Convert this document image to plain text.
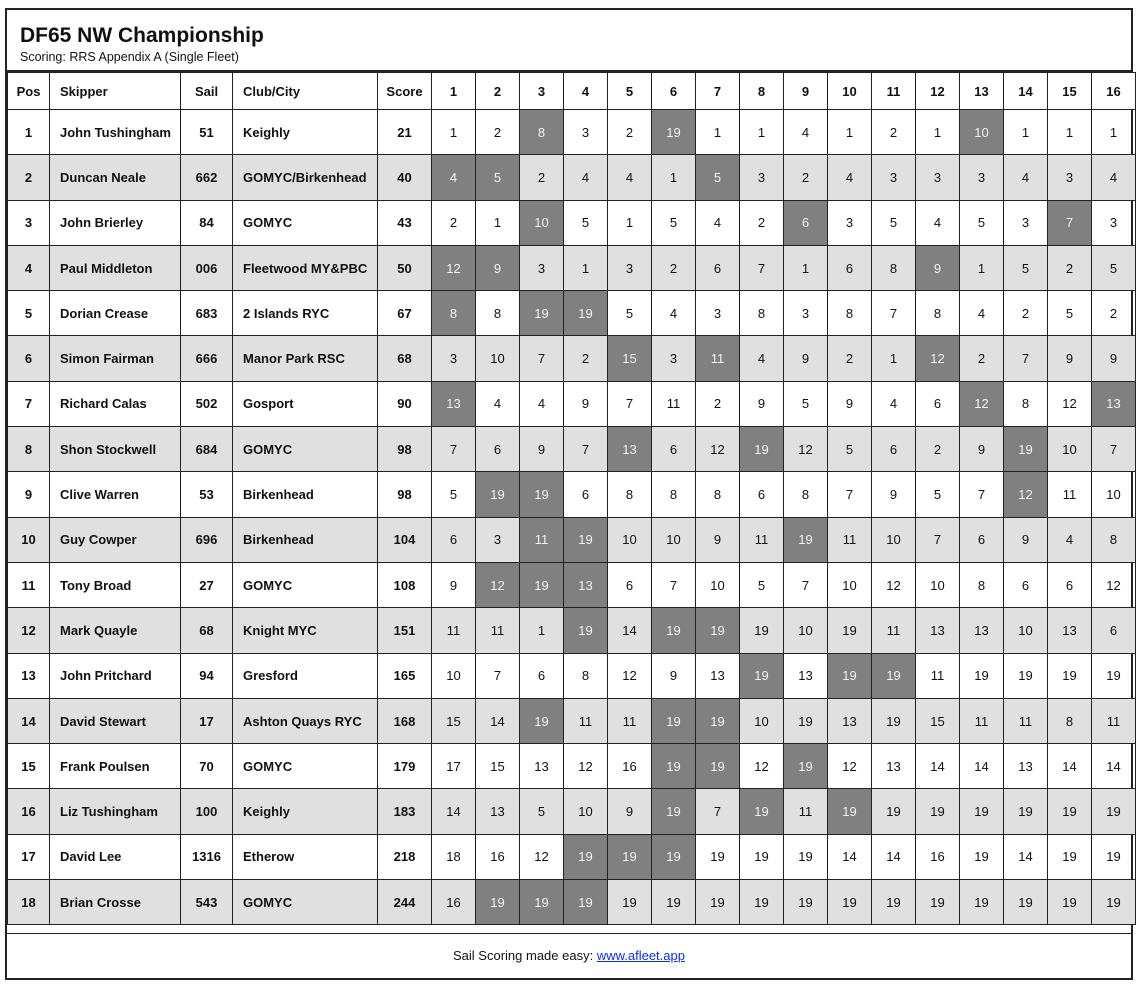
DF65 NW Championship
Scoring: RRS Appendix A (Single Fleet)
Pos	Skipper	Sail	Club/City	Score	1	2	3	4	5	6	7	8	9	10	11	12	13	14	15	16
1	John Tushingham	51	Keighly	21	1	2	8	3	2	19	1	1	4	1	2	1	10	1	1	1
2	Duncan Neale	662	GOMYC/Birkenhead	40	4	5	2	4	4	1	5	3	2	4	3	3	3	4	3	4
3	John Brierley	84	GOMYC	43	2	1	10	5	1	5	4	2	6	3	5	4	5	3	7	3
4	Paul Middleton	006	Fleetwood MY&PBC	50	12	9	3	1	3	2	6	7	1	6	8	9	1	5	2	5
5	Dorian Crease	683	2 Islands RYC	67	8	8	19	19	5	4	3	8	3	8	7	8	4	2	5	2
6	Simon Fairman	666	Manor Park RSC	68	3	10	7	2	15	3	11	4	9	2	1	12	2	7	9	9
7	Richard Calas	502	Gosport	90	13	4	4	9	7	11	2	9	5	9	4	6	12	8	12	13
8	Shon Stockwell	684	GOMYC	98	7	6	9	7	13	6	12	19	12	5	6	2	9	19	10	7
9	Clive Warren	53	Birkenhead	98	5	19	19	6	8	8	8	6	8	7	9	5	7	12	11	10
10	Guy Cowper	696	Birkenhead	104	6	3	11	19	10	10	9	11	19	11	10	7	6	9	4	8
11	Tony Broad	27	GOMYC	108	9	12	19	13	6	7	10	5	7	10	12	10	8	6	6	12
12	Mark Quayle	68	Knight MYC	151	11	11	1	19	14	19	19	19	10	19	11	13	13	10	13	6
13	John Pritchard	94	Gresford	165	10	7	6	8	12	9	13	19	13	19	19	11	19	19	19	19
14	David Stewart	17	Ashton Quays RYC	168	15	14	19	11	11	19	19	10	19	13	19	15	11	11	8	11
15	Frank Poulsen	70	GOMYC	179	17	15	13	12	16	19	19	12	19	12	13	14	14	13	14	14
16	Liz Tushingham	100	Keighly	183	14	13	5	10	9	19	7	19	11	19	19	19	19	19	19	19
17	David Lee	1316	Etherow	218	18	16	12	19	19	19	19	19	19	14	14	16	19	14	19	19
18	Brian Crosse	543	GOMYC	244	16	19	19	19	19	19	19	19	19	19	19	19	19	19	19	19
Sail Scoring made easy: www.afleet.app
